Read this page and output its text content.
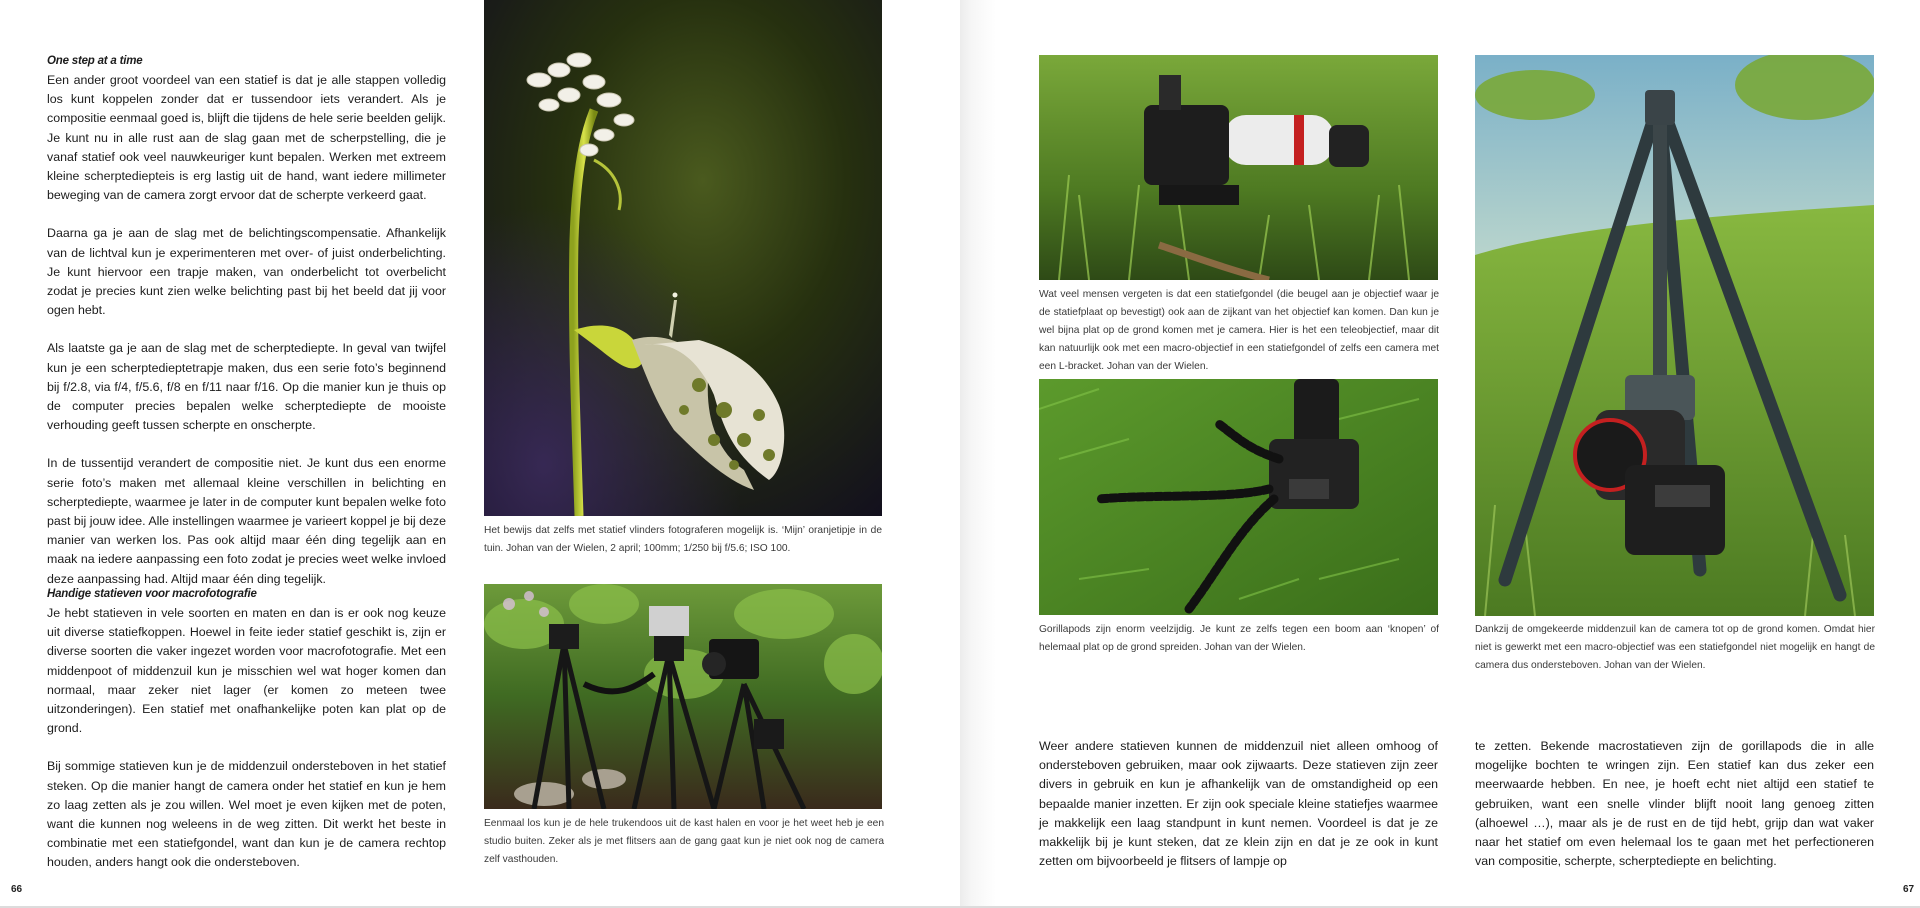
One step at a time

Een ander groot voordeel van een statief is dat je alle stappen volledig los kunt koppelen zonder dat er tussendoor iets verandert. Als je compositie eenmaal goed is, blijft die tijdens de hele serie beelden gelijk. Je kunt nu in alle rust aan de slag gaan met de scherpstelling, die je vanaf statief ook veel nauwkeuriger kunt bepalen. Werken met extreem kleine scherptediepteis is erg lastig uit de hand, want iedere millimeter beweging van de camera zorgt ervoor dat de scherpte verkeerd gaat.

Daarna ga je aan de slag met de belichtingscompensatie. Afhankelijk van de lichtval kun je experimenteren met over- of juist onderbelichting. Je kunt hiervoor een trapje maken, van onderbelicht tot overbelicht zodat je precies kunt zien welke belichting past bij het beeld dat jij voor ogen hebt.

Als laatste ga je aan de slag met de scherptediepte. In geval van twijfel kun je een scherptedieptetrapje maken, dus een serie foto’s beginnend bij f/2.8, via f/4, f/5.6, f/8 en f/11 naar f/16. Op die manier kun je thuis op de computer precies bepalen welke scherptediepte de mooiste verhouding geeft tussen scherpte en onscherpte.

In de tussentijd verandert de compositie niet. Je kunt dus een enorme serie foto’s maken met allemaal kleine verschillen in belichting en scherptediepte, waarmee je later in de computer kunt bepalen welke foto past bij jouw idee. Alle instellingen waarmee je varieert koppel je bij deze manier van werken los. Pas ook altijd maar één ding tegelijk aan en maak na iedere aanpassing een foto zodat je precies weet welke invloed deze aanpassing had. Altijd maar één ding tegelijk.

Handige statieven voor macrofotografie

Je hebt statieven in vele soorten en maten en dan is er ook nog keuze uit diverse statiefkoppen. Hoewel in feite ieder statief geschikt is, zijn er diverse soorten die vaker ingezet worden voor macrofotografie. Met een middenpoot of middenzuil kun je misschien wel wat hoger komen dan normaal, maar zeker niet lager (er komen zo meteen twee uitzonderingen). Een statief met onafhankelijke poten kan plat op de grond.

Bij sommige statieven kun je de middenzuil ondersteboven in het statief steken. Op die manier hangt de camera onder het statief en kun je hem zo laag zetten als je zou willen. Wel moet je even kijken met de poten, want die kunnen nog weleens in de weg zitten. Dit werkt het beste in combinatie met een statiefgondel, want dan kun je de camera rechtop houden, anders hangt ook die ondersteboven.

Het bewijs dat zelfs met statief vlinders fotograferen mogelijk is. ‘Mijn’ oranjetipje in de tuin. Johan van der Wielen, 2 april; 100mm; 1/250 bij f/5.6; ISO 100.
Eenmaal los kun je de hele trukendoos uit de kast halen en voor je het weet heb je een studio buiten. Zeker als je met flitsers aan de gang gaat kun je niet ook nog de camera zelf vasthouden.
66
Wat veel mensen vergeten is dat een statiefgondel (die beugel aan je objectief waar je de statiefplaat op bevestigt) ook aan de zijkant van het objectief kan komen. Dan kun je wel bijna plat op de grond komen met je camera. Hier is het een teleobjectief, maar dit kan natuurlijk ook met een macro-objectief in een statiefgondel of zelfs een camera met een L-bracket. Johan van der Wielen.
Gorillapods zijn enorm veelzijdig. Je kunt ze zelfs tegen een boom aan ‘knopen’ of helemaal plat op de grond spreiden. Johan van der Wielen.
Dankzij de omgekeerde middenzuil kan de camera tot op de grond komen. Omdat hier niet is gewerkt met een macro-objectief was een statiefgondel niet mogelijk en hangt de camera dus ondersteboven. Johan van der Wielen.
Weer andere statieven kunnen de middenzuil niet alleen omhoog of ondersteboven gebruiken, maar ook zijwaarts. Deze statieven zijn zeer divers in gebruik en kun je afhankelijk van de omstandigheid op een bepaalde manier inzetten. Er zijn ook speciale kleine statiefjes waarmee je makkelijk een laag standpunt in kunt nemen. Voordeel is dat je ze makkelijk bij je kunt steken, dat ze klein zijn en dat je ze ook in kunt zetten om bijvoorbeeld je flitsers of lampje op
te zetten. Bekende macrostatieven zijn de gorillapods die in alle mogelijke bochten te wringen zijn. Een statief kan dus zeker een meerwaarde hebben. En nee, je hoeft echt niet altijd een statief te gebruiken, want een snelle vlinder blijft nooit lang genoeg zitten (alhoewel …), maar als je de rust en de tijd hebt, grijp dan wat vaker naar het statief om even helemaal los te gaan met het perfectioneren van compositie, scherpte, scherptediepte en belichting.
67
